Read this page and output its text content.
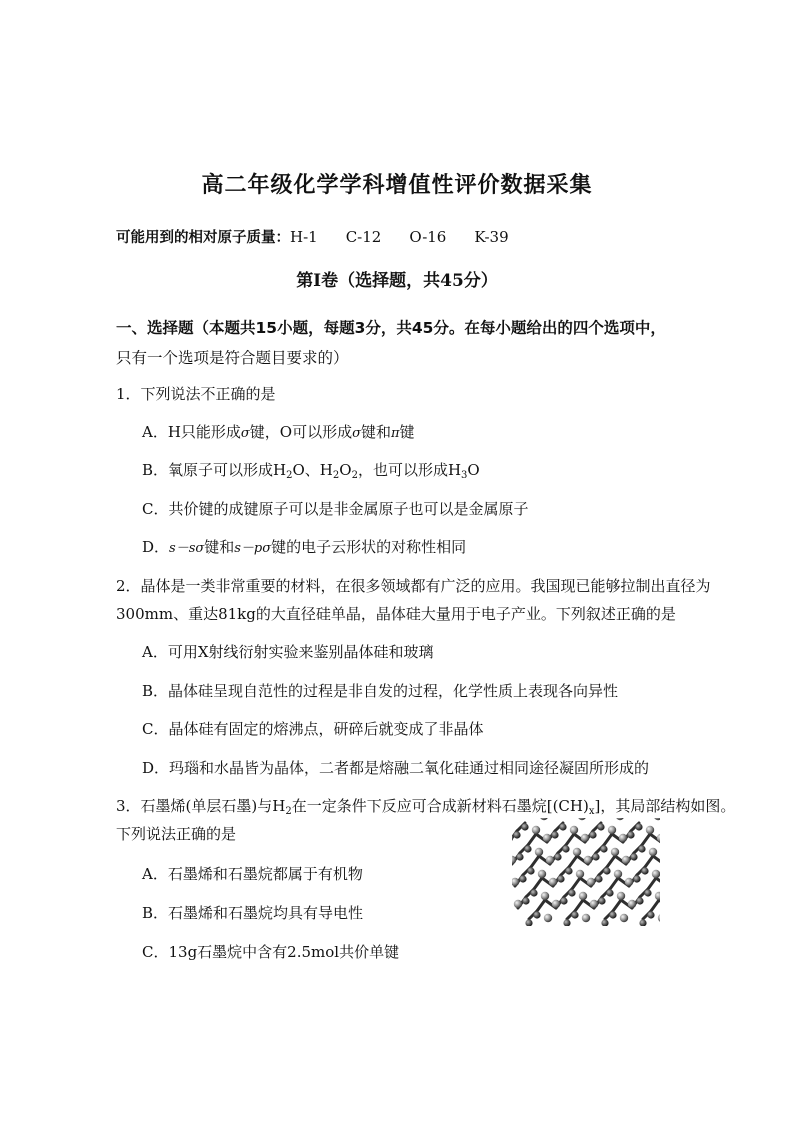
高二年级化学学科增值性评价数据采集
可能用到的相对原子质量：H-1 C-12 O-16 K-39
第I卷（选择题，共45分）
一、选择题（本题共15小题，每题3分，共45分。在每小题给出的四个选项中，
只有一个选项是符合题目要求的）
1．下列说法不正确的是
A．H只能形成σ键，O可以形成σ键和π键
B．氧原子可以形成$H_2O$、$H_2O_2$，也可以形成$H_3O$
C．共价键的成键原子可以是非金属原子也可以是金属原子
D．s－sσ键和s－pσ键的电子云形状的对称性相同
2．晶体是一类非常重要的材料，在很多领域都有广泛的应用。我国现已能够拉制出直径为
300mm、重达81kg的大直径硅单晶，晶体硅大量用于电子产业。下列叙述正确的是
A．可用X射线衍射实验来鉴别晶体硅和玻璃
B．晶体硅呈现自范性的过程是非自发的过程，化学性质上表现各向异性
C．晶体硅有固定的熔沸点，研碎后就变成了非晶体
D．玛瑙和水晶皆为晶体，二者都是熔融二氧化硅通过相同途径凝固所形成的
3．石墨烯(单层石墨)与$H_2$在一定条件下反应可合成新材料石墨烷$[(CH)_x]$，其局部结构如图。
下列说法正确的是
A．石墨烯和石墨烷都属于有机物
B．石墨烯和石墨烷均具有导电性
C．13g石墨烷中含有2.5mol共价单键
